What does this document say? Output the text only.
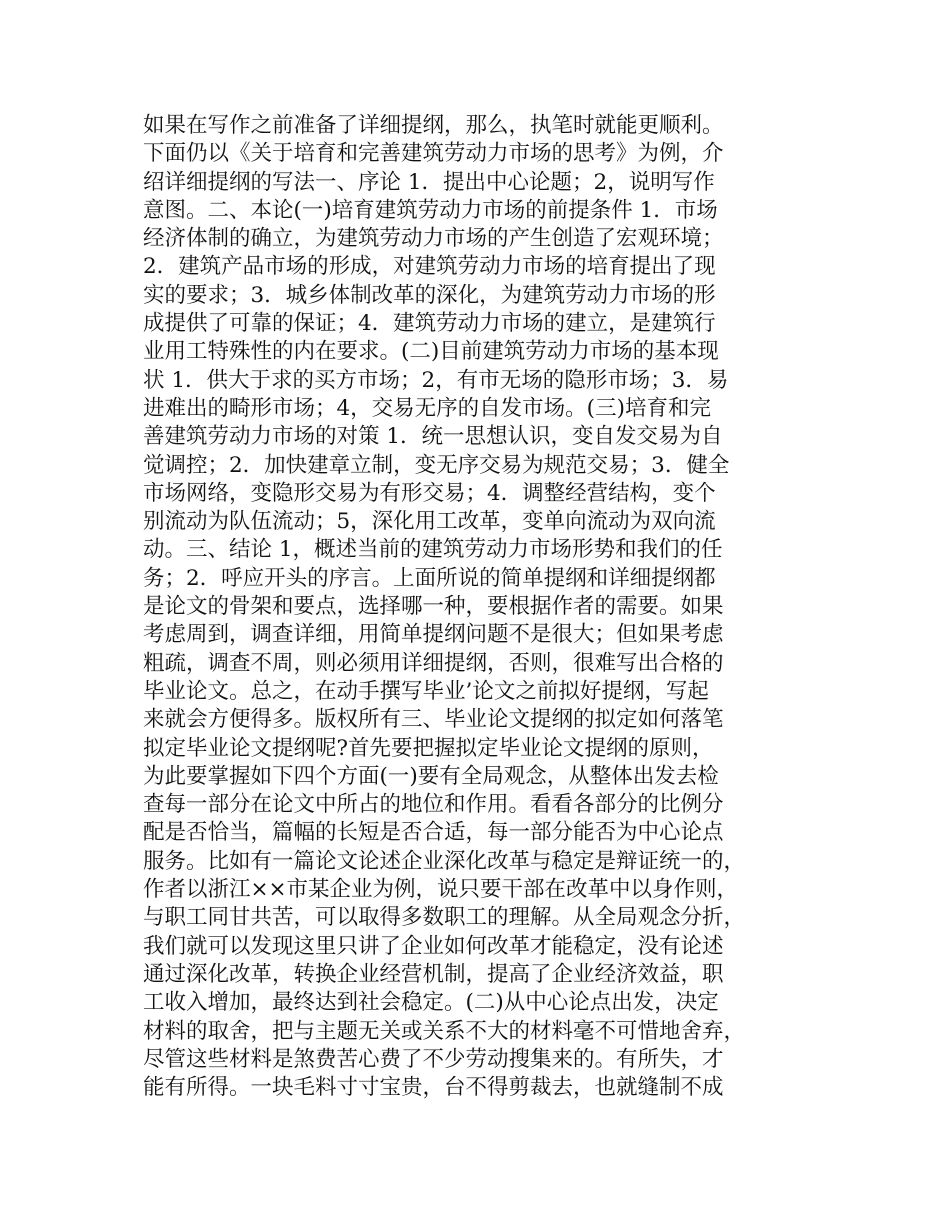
如果在写作之前准备了详细提纲，那么，执笔时就能更顺利。
下面仍以《关于培育和完善建筑劳动力市场的思考》为例，介
绍详细提纲的写法一、序论 1．提出中心论题；2，说明写作
意图。二、本论(一)培育建筑劳动力市场的前提条件 1．市场
经济体制的确立，为建筑劳动力市场的产生创造了宏观环境；
2．建筑产品市场的形成，对建筑劳动力市场的培育提出了现
实的要求；3．城乡体制改革的深化，为建筑劳动力市场的形
成提供了可靠的保证；4．建筑劳动力市场的建立，是建筑行
业用工特殊性的内在要求。(二)目前建筑劳动力市场的基本现
状 1．供大于求的买方市场；2，有市无场的隐形市场；3．易
进难出的畸形市场；4，交易无序的自发市场。(三)培育和完
善建筑劳动力市场的对策 1．统一思想认识，变自发交易为自
觉调控；2．加快建章立制，变无序交易为规范交易；3．健全
市场网络，变隐形交易为有形交易；4．调整经营结构，变个
别流动为队伍流动；5，深化用工改革，变单向流动为双向流
动。三、结论 1，概述当前的建筑劳动力市场形势和我们的任
务；2．呼应开头的序言。上面所说的简单提纲和详细提纲都
是论文的骨架和要点，选择哪一种，要根据作者的需要。如果
考虑周到，调查详细，用简单提纲问题不是很大；但如果考虑
粗疏，调查不周，则必须用详细提纲，否则，很难写出合格的
毕业论文。总之，在动手撰写毕业’论文之前拟好提纲，写起
来就会方便得多。版权所有三、毕业论文提纲的拟定如何落笔
拟定毕业论文提纲呢?首先要把握拟定毕业论文提纲的原则，
为此要掌握如下四个方面(一)要有全局观念，从整体出发去检
查每一部分在论文中所占的地位和作用。看看各部分的比例分
配是否恰当，篇幅的长短是否合适，每一部分能否为中心论点
服务。比如有一篇论文论述企业深化改革与稳定是辩证统一的，
作者以浙江××市某企业为例，说只要干部在改革中以身作则，
与职工同甘共苦，可以取得多数职工的理解。从全局观念分折，
我们就可以发现这里只讲了企业如何改革才能稳定，没有论述
通过深化改革，转换企业经营机制，提高了企业经济效益，职
工收入增加，最终达到社会稳定。(二)从中心论点出发，决定
材料的取舍，把与主题无关或关系不大的材料毫不可惜地舍弃，
尽管这些材料是煞费苦心费了不少劳动搜集来的。有所失，才
能有所得。一块毛料寸寸宝贵，台不得剪裁去，也就缝制不成
